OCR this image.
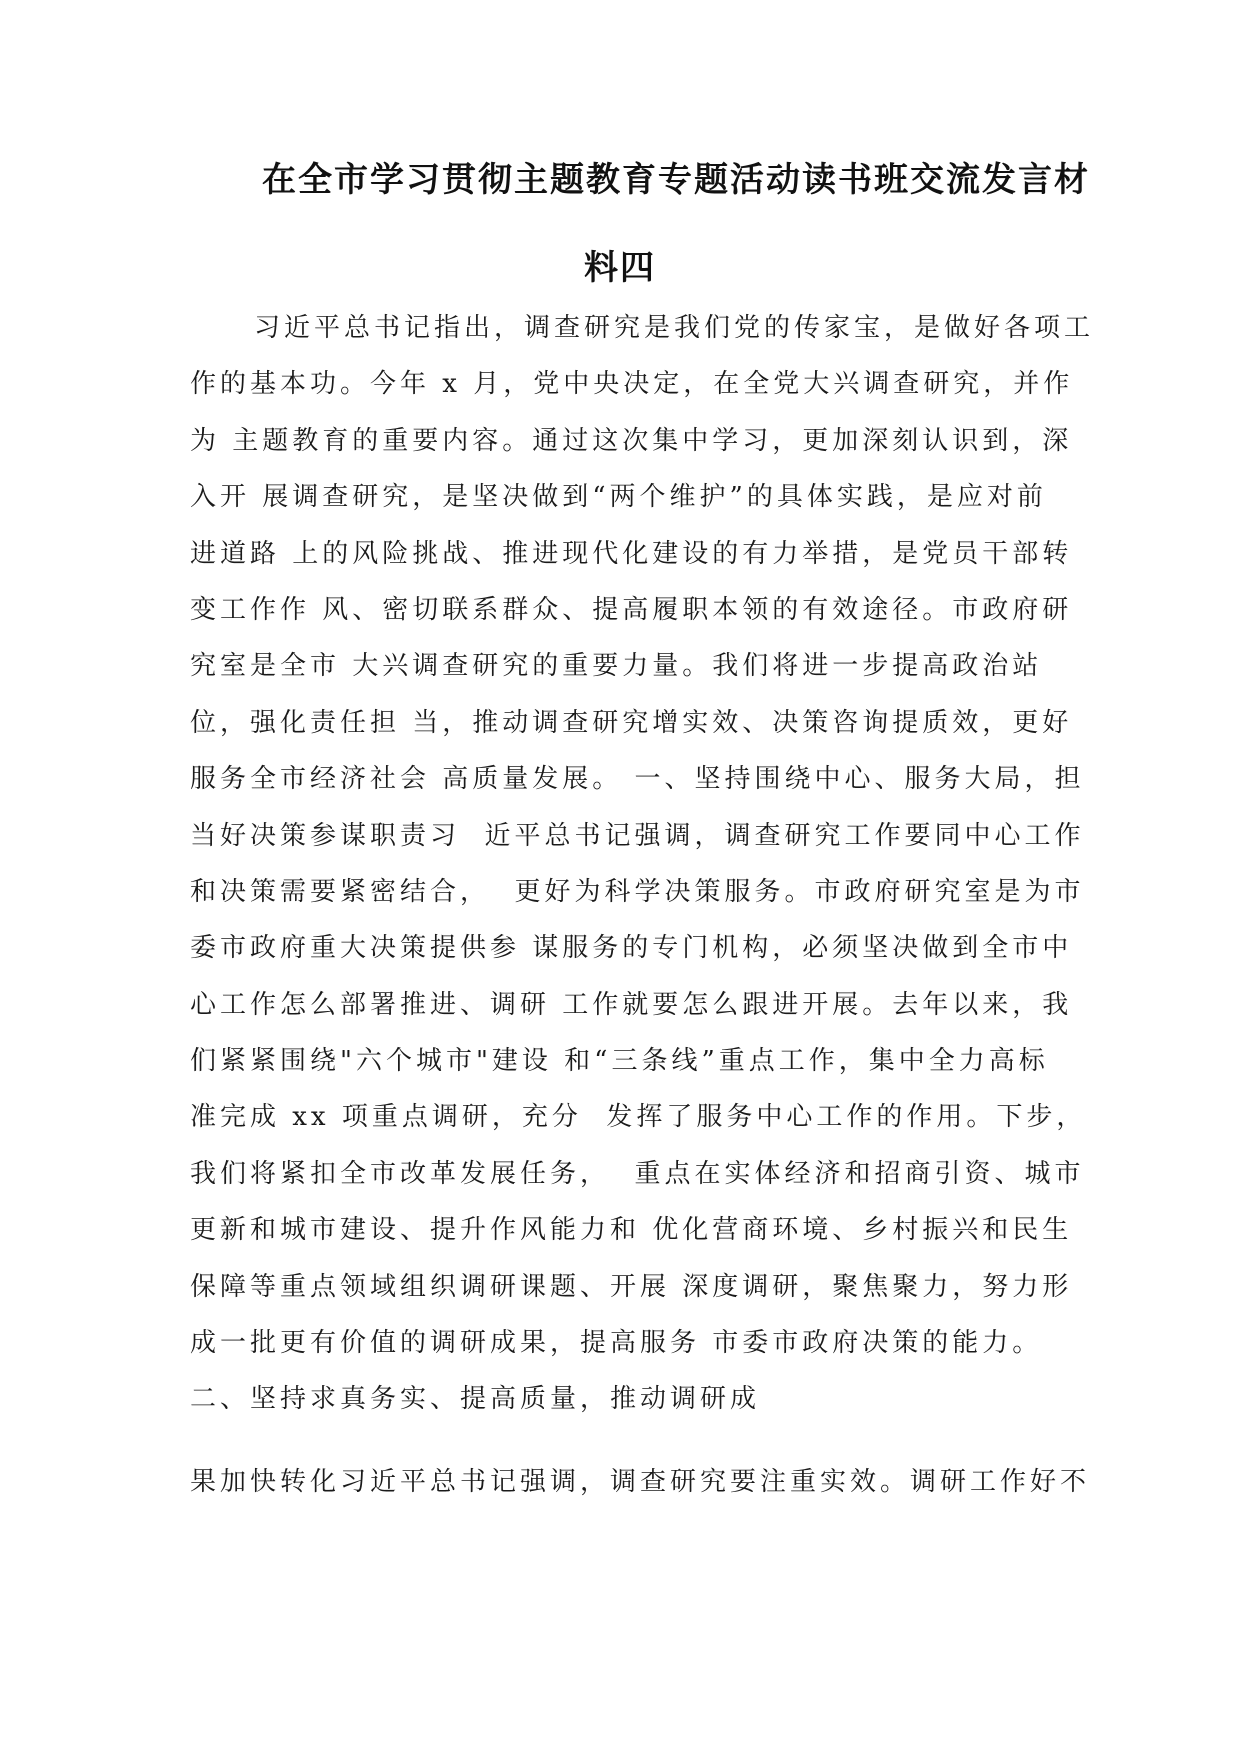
在全市学习贯彻主题教育专题活动读书班交流发言材
料四
习近平总书记指出，调查研究是我们党的传家宝，是做好各项工
作的基本功。今年 x 月，党中央决定，在全党大兴调查研究，并作
为 主题教育的重要内容。通过这次集中学习，更加深刻认识到，深
入开 展调查研究，是坚决做到“两个维护”的具体实践，是应对前
进道路 上的风险挑战、推进现代化建设的有力举措，是党员干部转
变工作作 风、密切联系群众、提高履职本领的有效途径。市政府研
究室是全市 大兴调查研究的重要力量。我们将进一步提高政治站
位，强化责任担 当，推动调查研究增实效、决策咨询提质效，更好
服务全市经济社会 高质量发展。 一、坚持围绕中心、服务大局，担
当好决策参谋职责习  近平总书记强调，调查研究工作要同中心工作
和决策需要紧密结合，  更好为科学决策服务。市政府研究室是为市
委市政府重大决策提供参 谋服务的专门机构，必须坚决做到全市中
心工作怎么部署推进、调研 工作就要怎么跟进开展。去年以来，我
们紧紧围绕"六个城市"建设 和“三条线”重点工作，集中全力高标
准完成 xx 项重点调研，充分  发挥了服务中心工作的作用。下步，
我们将紧扣全市改革发展任务，  重点在实体经济和招商引资、城市
更新和城市建设、提升作风能力和 优化营商环境、乡村振兴和民生
保障等重点领域组织调研课题、开展 深度调研，聚焦聚力，努力形
成一批更有价值的调研成果，提高服务 市委市政府决策的能力。
二、坚持求真务实、提高质量，推动调研成
果加快转化习近平总书记强调，调查研究要注重实效。调研工作好不
